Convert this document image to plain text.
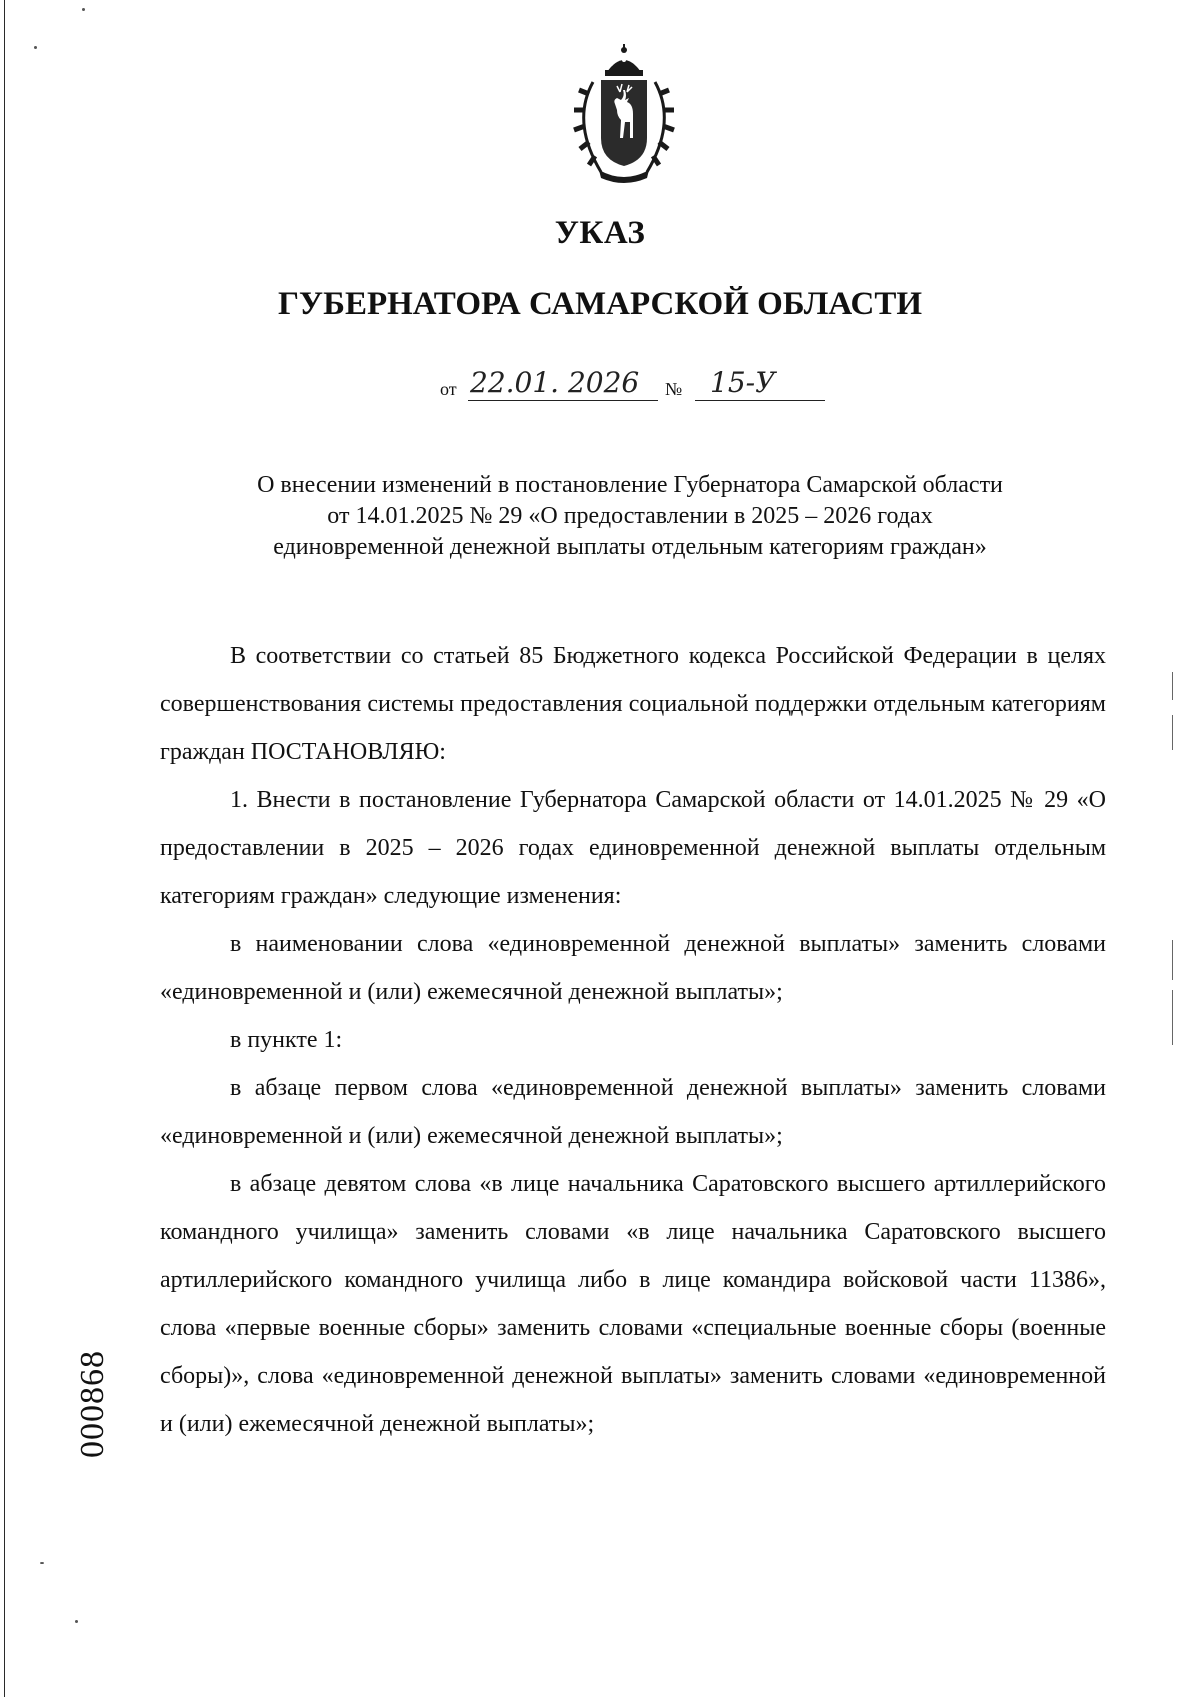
УКАЗ
ГУБЕРНАТОРА САМАРСКОЙ ОБЛАСТИ
от 22.01. 2026 № 15-У
О внесении изменений в постановление Губернатора Самарской области
от 14.01.2025 № 29 «О предоставлении в 2025 – 2026 годах
единовременной денежной выплаты отдельным категориям граждан»

В соответствии со статьей 85 Бюджетного кодекса Российской Федерации в целях совершенствования системы предоставления социальной поддержки отдельным категориям граждан ПОСТАНОВЛЯЮ:

1. Внести в постановление Губернатора Самарской области от 14.01.2025 № 29 «О предоставлении в 2025 – 2026 годах единовременной денежной выплаты отдельным категориям граждан» следующие изменения:

в наименовании слова «единовременной денежной выплаты» заменить словами «единовременной и (или) ежемесячной денежной выплаты»;

в пункте 1:

в абзаце первом слова «единовременной денежной выплаты» заменить словами «единовременной и (или) ежемесячной денежной выплаты»;

в абзаце девятом слова «в лице начальника Саратовского высшего артиллерийского командного училища» заменить словами «в лице начальника Саратовского высшего артиллерийского командного училища либо в лице командира войсковой части 11386», слова «первые военные сборы» заменить словами «специальные военные сборы (военные сборы)», слова «единовременной денежной выплаты» заменить словами «единовременной и (или) ежемесячной денежной выплаты»;

000868
